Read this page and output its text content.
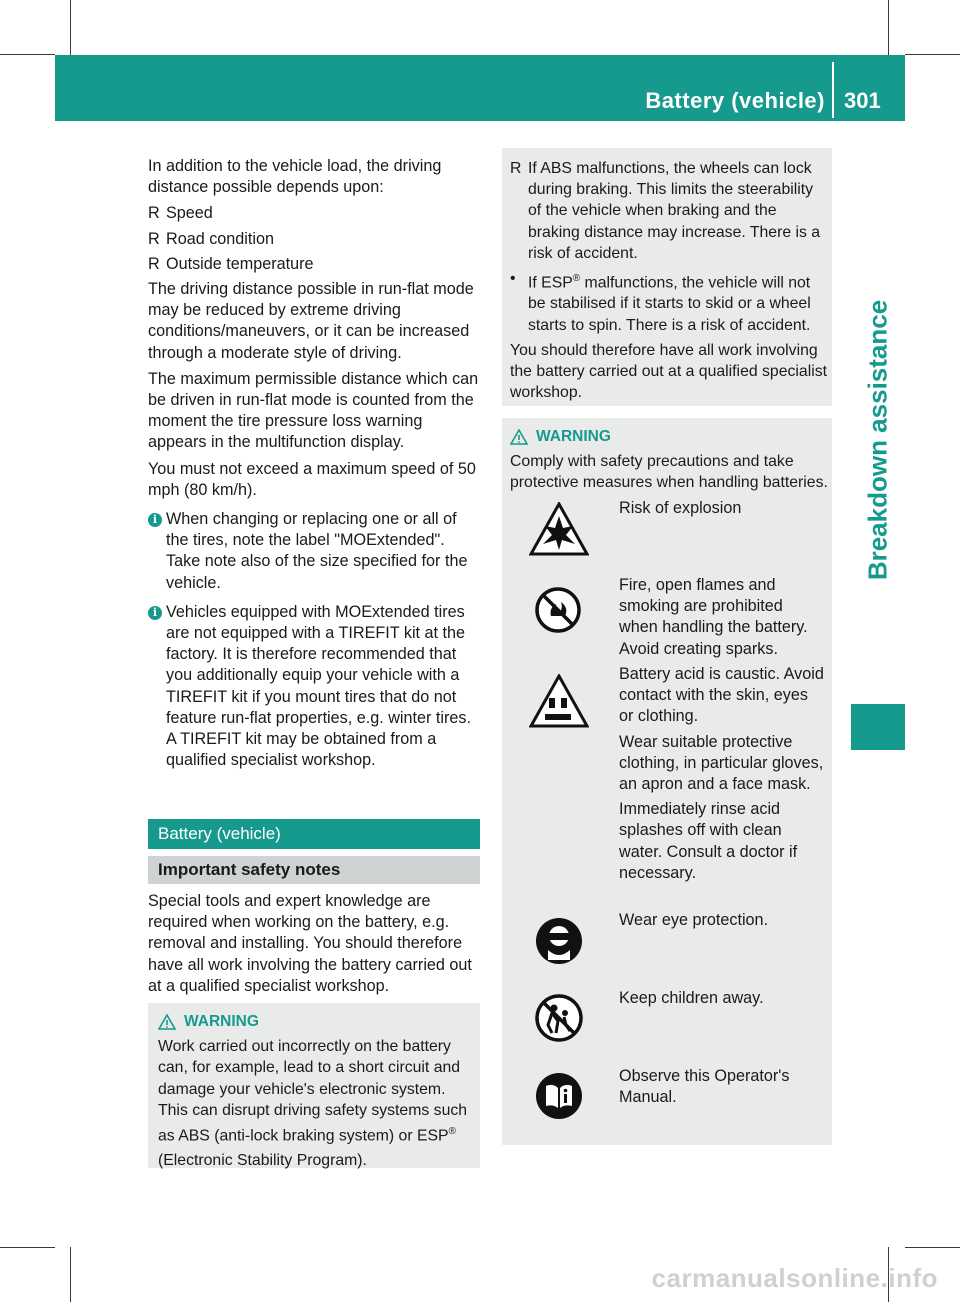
Battery (vehicle) 301
Breakdown assistance

In addition to the vehicle load, the driving distance possible depends upon:

R Speed
R Road condition
R Outside temperature

The driving distance possible in run-flat mode may be reduced by extreme driving conditions/maneuvers, or it can be increased through a moderate style of driving.

The maximum permissible distance which can be driven in run-flat mode is counted from the moment the tire pressure loss warning appears in the multifunction display.

You must not exceed a maximum speed of 50 mph (80 km/h).

i When changing or replacing one or all of the tires, note the label "MOExtended". Take note also of the size specified for the vehicle.
i Vehicles equipped with MOExtended tires are not equipped with a TIREFIT kit at the factory. It is therefore recommended that you additionally equip your vehicle with a TIREFIT kit if you mount tires that do not feature run-flat properties, e.g. winter tires. A TIREFIT kit may be obtained from a qualified specialist workshop.
Battery (vehicle)
Important safety notes

Special tools and expert knowledge are required when working on the battery, e.g. removal and installing. You should therefore have all work involving the battery carried out at a qualified specialist workshop.

WARNING
Work carried out incorrectly on the battery can, for example, lead to a short circuit and damage your vehicle's electronic system. This can disrupt driving safety systems such as ABS (anti-lock braking system) or ESP®
(Electronic Stability Program).
R If ABS malfunctions, the wheels can lock during braking. This limits the steerability of the vehicle when braking and the braking distance may increase. There is a risk of accident.
• If ESP® malfunctions, the vehicle will not be stabilised if it starts to skid or a wheel starts to spin. There is a risk of accident.

You should therefore have all work involving the battery carried out at a qualified specialist workshop.

WARNING
Comply with safety precautions and take protective measures when handling batteries.
Risk of explosion
Fire, open flames and smoking are prohibited when handling the battery. Avoid creating sparks.

Battery acid is caustic. Avoid contact with the skin, eyes or clothing.

Wear suitable protective clothing, in particular gloves, an apron and a face mask.

Immediately rinse acid splashes off with clean water. Consult a doctor if necessary.

Wear eye protection.
Keep children away.
Observe this Operator's Manual.
carmanualsonline.info
